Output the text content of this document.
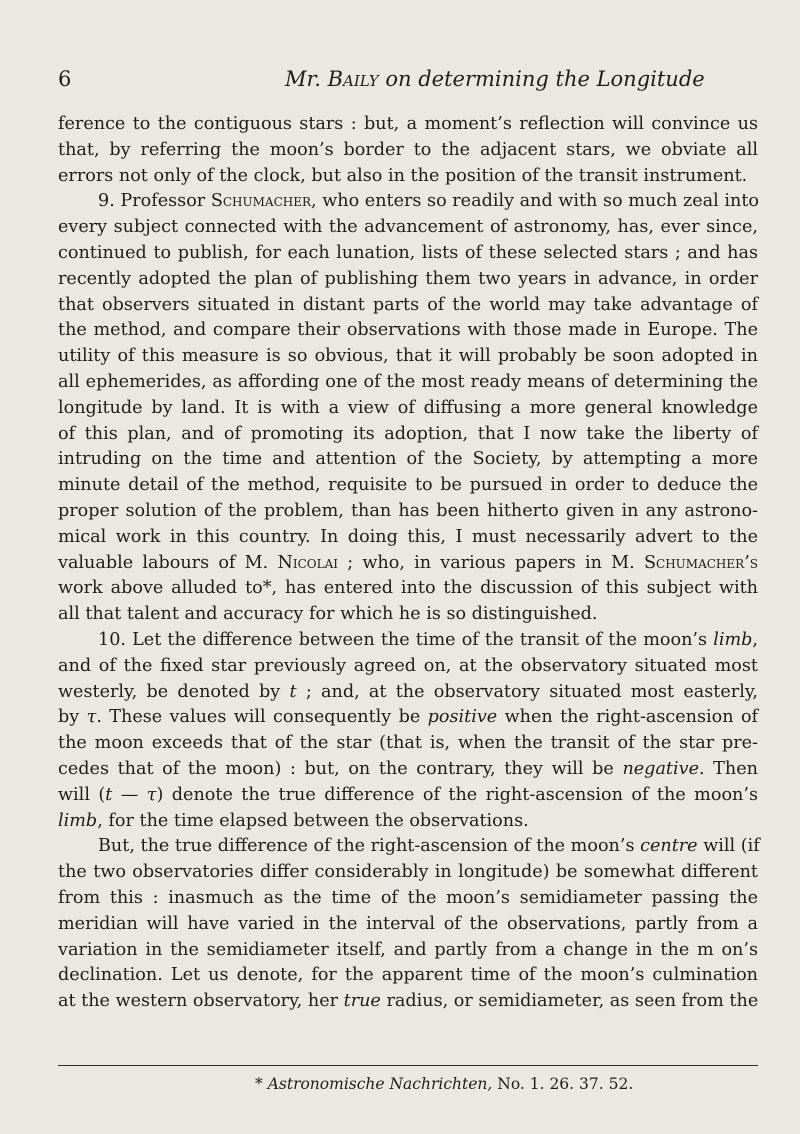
6	Mr. Baily on determining the Longitude
ference to the contiguous stars : but, a moment’s reflection will convince us
that, by referring the moon’s border to the adjacent stars, we obviate all
errors not only of the clock, but also in the position of the transit instrument.
9. Professor Schumacher, who enters so readily and with so much zeal into
every subject connected with the advancement of astronomy, has, ever since,
continued to publish, for each lunation, lists of these selected stars ; and has
recently adopted the plan of publishing them two years in advance, in order
that observers situated in distant parts of the world may take advantage of
the method, and compare their observations with those made in Europe. The
utility of this measure is so obvious, that it will probably be soon adopted in
all ephemerides, as affording one of the most ready means of determining the
longitude by land. It is with a view of diffusing a more general knowledge
of this plan, and of promoting its adoption, that I now take the liberty of
intruding on the time and attention of the Society, by attempting a more
minute detail of the method, requisite to be pursued in order to deduce the
proper solution of the problem, than has been hitherto given in any astrono-
mical work in this country. In doing this, I must necessarily advert to the
valuable labours of M. Nicolai ; who, in various papers in M. Schumacher’s
work above alluded to*, has entered into the discussion of this subject with
all that talent and accuracy for which he is so distinguished.
10. Let the difference between the time of the transit of the moon’s limb,
and of the fixed star previously agreed on, at the observatory situated most
westerly, be denoted by t ; and, at the observatory situated most easterly,
by τ. These values will consequently be positive when the right-ascension of
the moon exceeds that of the star (that is, when the transit of the star pre-
cedes that of the moon) : but, on the contrary, they will be negative. Then
will (t — τ) denote the true difference of the right-ascension of the moon’s
limb, for the time elapsed between the observations.
But, the true difference of the right-ascension of the moon’s centre will (if
the two observatories differ considerably in longitude) be somewhat different
from this : inasmuch as the time of the moon’s semidiameter passing the
meridian will have varied in the interval of the observations, partly from a
variation in the semidiameter itself, and partly from a change in the m on’s
declination. Let us denote, for the apparent time of the moon’s culmination
at the western observatory, her true radius, or semidiameter, as seen from the
* Astronomische Nachrichten, No. 1. 26. 37. 52.
